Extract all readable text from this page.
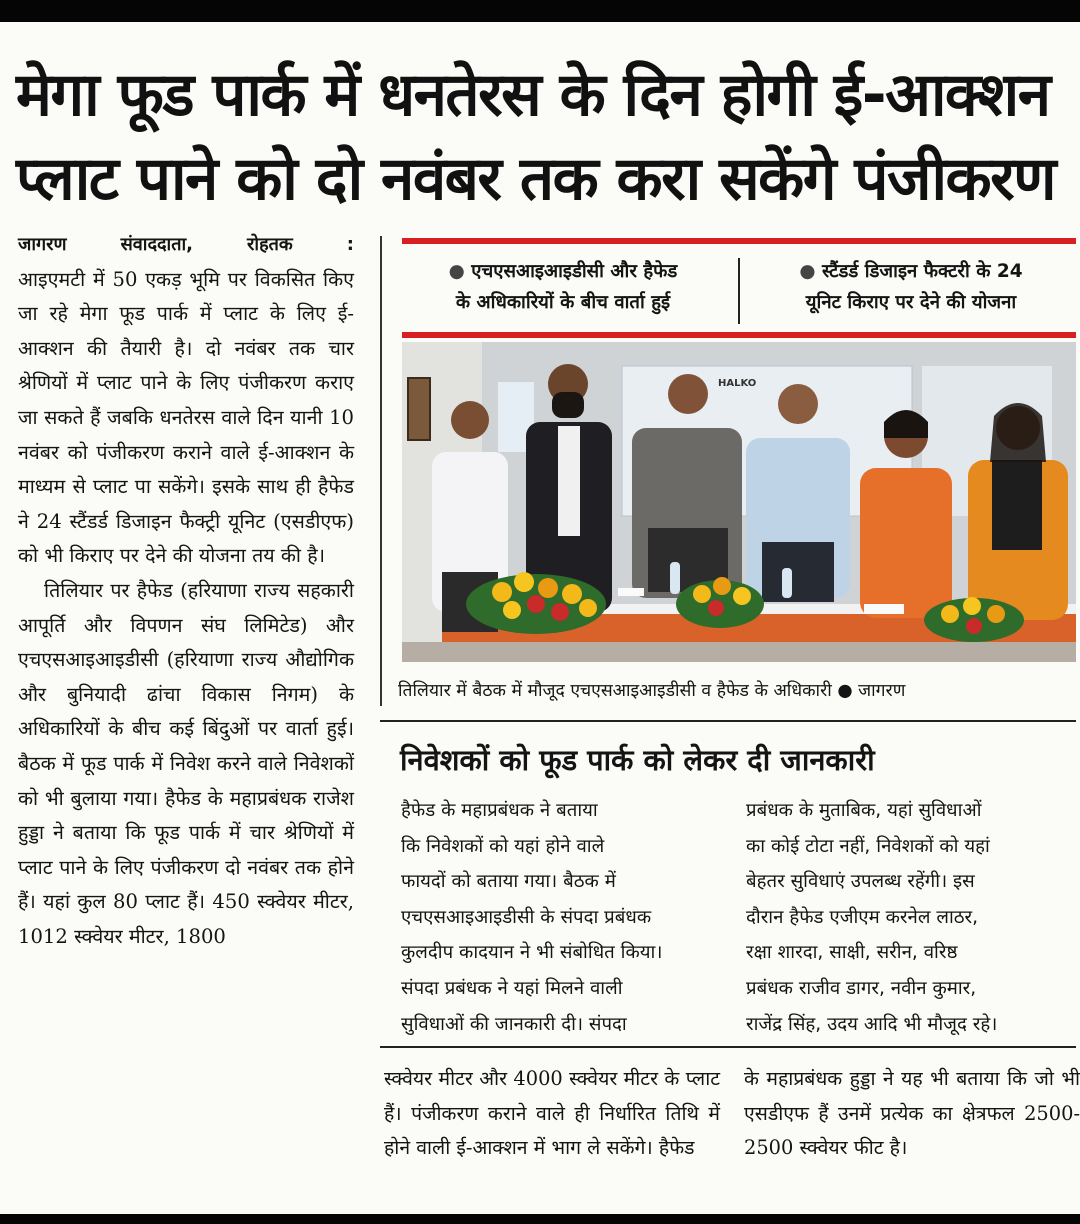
मेगा फूड पार्क में धनतेरस के दिन होगी ई-आक्शन
प्लाट पाने को दो नवंबर तक करा सकेंगे पंजीकरण

जागरण संवाददाता, रोहतक :

आइएमटी में 50 एकड़ भूमि पर विकसित किए जा रहे मेगा फूड पार्क में प्लाट के लिए ई-आक्शन की तैयारी है। दो नवंबर तक चार श्रेणियों में प्लाट पाने के लिए पंजीकरण कराए जा सकते हैं जबकि धनतेरस वाले दिन यानी 10 नवंबर को पंजीकरण कराने वाले ई-आक्शन के माध्यम से प्लाट पा सकेंगे। इसके साथ ही हैफेड ने 24 स्टैंडर्ड डिजाइन फैक्ट्री यूनिट (एसडीएफ) को भी किराए पर देने की योजना तय की है।

तिलियार पर हैफेड (हरियाणा राज्य सहकारी आपूर्ति और विपणन संघ लिमिटेड) और एचएसआइआइडीसी (हरियाणा राज्य औद्योगिक और बुनियादी ढांचा विकास निगम) के अधिकारियों के बीच कई बिंदुओं पर वार्ता हुई। बैठक में फूड पार्क में निवेश करने वाले निवेशकों को भी बुलाया गया। हैफेड के महाप्रबंधक राजेश हुड्डा ने बताया कि फूड पार्क में चार श्रेणियों में प्लाट पाने के लिए पंजीकरण दो नवंबर तक होने हैं। यहां कुल 80 प्लाट हैं। 450 स्क्वेयर मीटर, 1012 स्क्वेयर मीटर, 1800

● एचएसआइआइडीसी और हैफेड
के अधिकारियों के बीच वार्ता हुई
● स्टैंडर्ड डिजाइन फैक्टरी के 24
यूनिट किराए पर देने की योजना
HALKO
तिलियार में बैठक में मौजूद एचएसआइआइडीसी व हैफेड के अधिकारी ● जागरण
निवेशकों को फूड पार्क को लेकर दी जानकारी
हैफेड के महाप्रबंधक ने बताया
कि निवेशकों को यहां होने वाले
फायदों को बताया गया। बैठक में
एचएसआइआइडीसी के संपदा प्रबंधक
कुलदीप कादयान ने भी संबोधित किया।
संपदा प्रबंधक ने यहां मिलने वाली
सुविधाओं की जानकारी दी। संपदा
प्रबंधक के मुताबिक, यहां सुविधाओं
का कोई टोटा नहीं, निवेशकों को यहां
बेहतर सुविधाएं उपलब्ध रहेंगी। इस
दौरान हैफेड एजीएम करनेल लाठर,
रक्षा शारदा, साक्षी, सरीन, वरिष्ठ
प्रबंधक राजीव डागर, नवीन कुमार,
राजेंद्र सिंह, उदय आदि भी मौजूद रहे।

स्क्वेयर मीटर और 4000 स्क्वेयर मीटर के प्लाट हैं। पंजीकरण कराने वाले ही निर्धारित तिथि में होने वाली ई-आक्शन में भाग ले सकेंगे। हैफेड

के महाप्रबंधक हुड्डा ने यह भी बताया कि जो भी एसडीएफ हैं उनमें प्रत्येक का क्षेत्रफल 2500-2500 स्क्वेयर फीट है।
